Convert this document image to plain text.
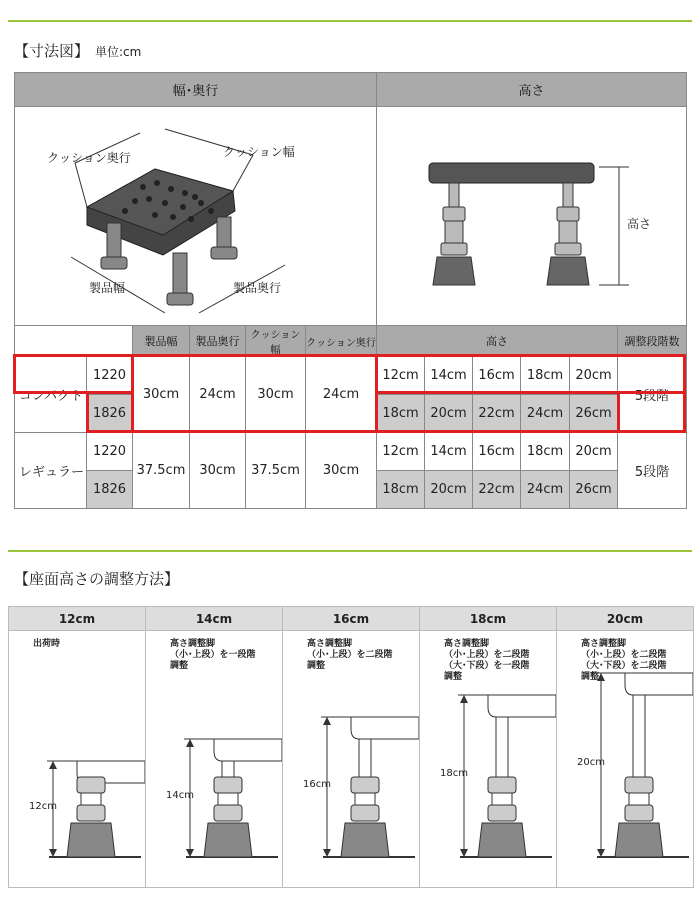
【寸法図】 単位:cm
幅･奥行						高さ					

クッション奥行 クッション幅
製品幅 製品奥行						高さ					

		製品幅	製品奥行	クッション幅	クッション奥行	高さ					調整段階数
コンパクト	1220	30cm	24cm	30cm	24cm	12cm	14cm	16cm	18cm	20cm	5段階
	1826					18cm	20cm	22cm	24cm	26cm	
レギュラー	1220	37.5cm	30cm	37.5cm	30cm	12cm	14cm	16cm	18cm	20cm	5段階
	1826					18cm	20cm	22cm	24cm	26cm	
【座面高さの調整方法】
12cm	14cm	16cm	18cm	20cm

出荷時
12cm	高さ調整脚
（小･上段）を一段階
調整
14cm	高さ調整脚
（小･上段）を二段階
調整
16cm	高さ調整脚
（小･上段）を二段階
（大･下段）を一段階
調整
18cm	高さ調整脚
（小･上段）を二段階
（大･下段）を二段階
調整
20cm
